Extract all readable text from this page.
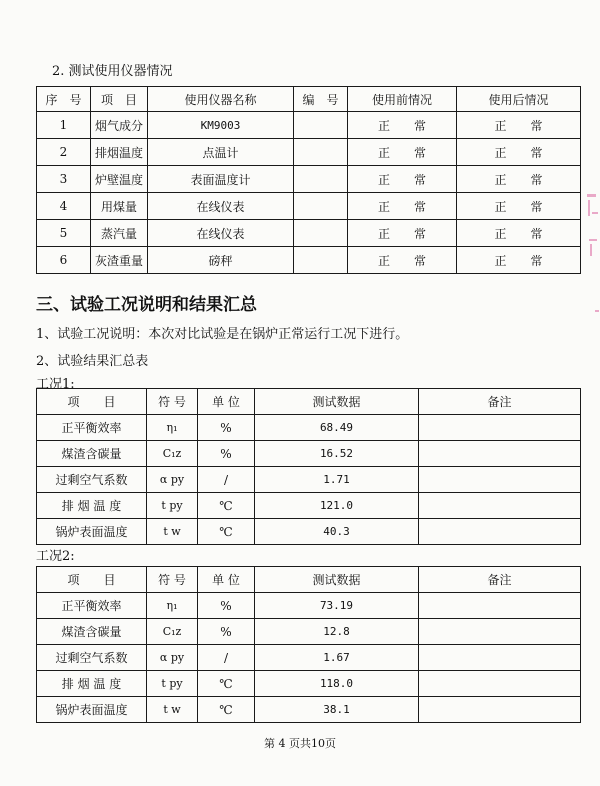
2. 测试使用仪器情况
序　号	项　目	使用仪器名称	编　号	使用前情况	使用后情况
1	烟气成分	KM9003		正　　常	正　　常
2	排烟温度	点温计		正　　常	正　　常
3	炉壁温度	表面温度计		正　　常	正　　常
4	用煤量	在线仪表		正　　常	正　　常
5	蒸汽量	在线仪表		正　　常	正　　常
6	灰渣重量	磅秤		正　　常	正　　常
三、试验工况说明和结果汇总
1、试验工况说明：本次对比试验是在锅炉正常运行工况下进行。
2、试验结果汇总表
工况1:
项　　目	符 号	单 位	测试数据	备注
正平衡效率	η₁	%	68.49	
煤渣含碳量	C₁z	%	16.52	
过剩空气系数	α py	/	1.71	
排 烟 温 度	t py	℃	121.0	
锅炉表面温度	t w	℃	40.3	
工况2:
项　　目	符 号	单 位	测试数据	备注
正平衡效率	η₁	%	73.19	
煤渣含碳量	C₁z	%	12.8	
过剩空气系数	α py	/	1.67	
排 烟 温 度	t py	℃	118.0	
锅炉表面温度	t w	℃	38.1	
第 4 页共10页
